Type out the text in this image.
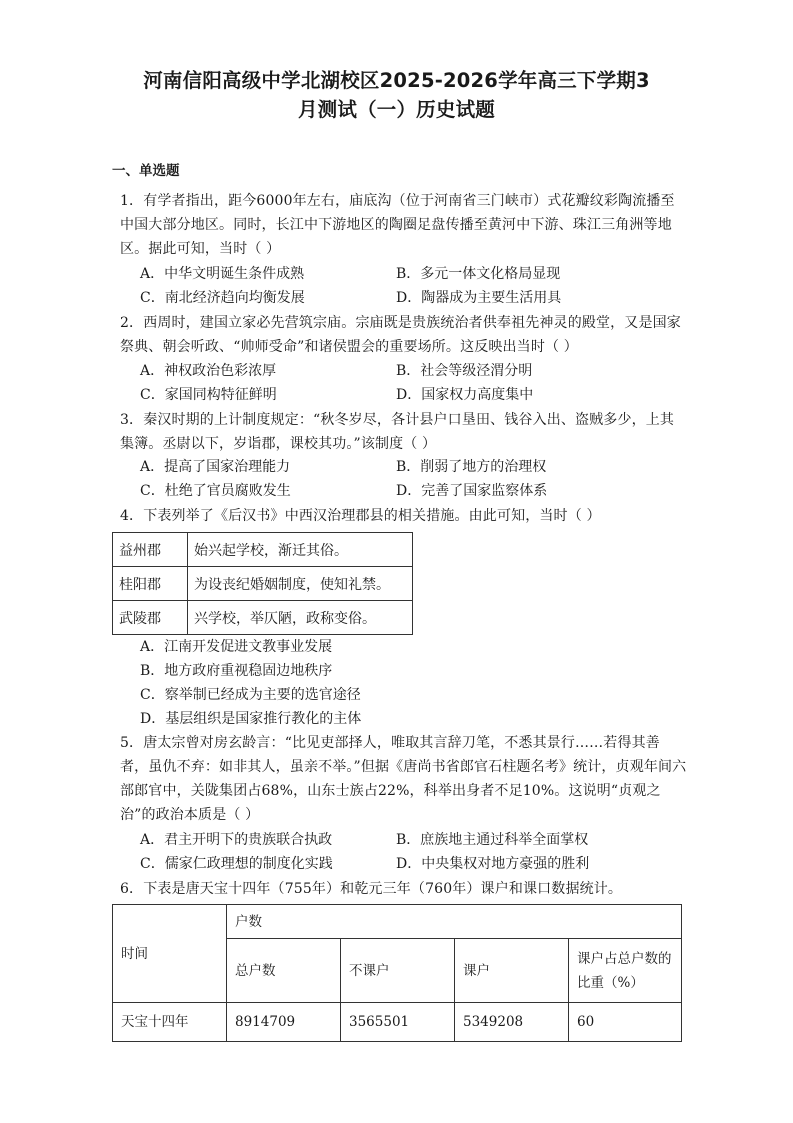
河南信阳高级中学北湖校区2025-2026学年高三下学期3
月测试（一）历史试题
一、单选题
1．有学者指出，距今6000年左右，庙底沟（位于河南省三门峡市）式花瓣纹彩陶流播至中国大部分地区。同时，长江中下游地区的陶圈足盘传播至黄河中下游、珠江三角洲等地区。据此可知，当时（ ）
A．中华文明诞生条件成熟	B．多元一体文化格局显现
C．南北经济趋向均衡发展	D．陶器成为主要生活用具
2．西周时，建国立家必先营筑宗庙。宗庙既是贵族统治者供奉祖先神灵的殿堂，又是国家祭典、朝会听政、“帅师受命”和诸侯盟会的重要场所。这反映出当时（ ）
A．神权政治色彩浓厚	B．社会等级泾渭分明
C．家国同构特征鲜明	D．国家权力高度集中
3．秦汉时期的上计制度规定：“秋冬岁尽，各计县户口垦田、钱谷入出、盗贼多少，上其集簿。丞尉以下，岁诣郡，课校其功。”该制度（ ）
A．提高了国家治理能力	B．削弱了地方的治理权
C．杜绝了官员腐败发生	D．完善了国家监察体系
4．下表列举了《后汉书》中西汉治理郡县的相关措施。由此可知，当时（ ）
益州郡	始兴起学校，渐迁其俗。
桂阳郡	为设丧纪婚姻制度，使知礼禁。
武陵郡	兴学校，举仄陋，政称变俗。
A．江南开发促进文教事业发展
B．地方政府重视稳固边地秩序
C．察举制已经成为主要的选官途径
D．基层组织是国家推行教化的主体
5．唐太宗曾对房玄龄言：“比见吏部择人，唯取其言辞刀笔，不悉其景行……若得其善者，虽仇不弃：如非其人，虽亲不举。”但据《唐尚书省郎官石柱题名考》统计，贞观年间六部郎官中，关陇集团占68%，山东士族占22%，科举出身者不足10%。这说明“贞观之治”的政治本质是（ ）
A．君主开明下的贵族联合执政	B．庶族地主通过科举全面掌权
C．儒家仁政理想的制度化实践	D．中央集权对地方豪强的胜利
6．下表是唐天宝十四年（755年）和乾元三年（760年）课户和课口数据统计。
时间	户数			
	总户数	不课户	课户	课户占总户数的比重（%）
天宝十四年	8914709	3565501	5349208	60
